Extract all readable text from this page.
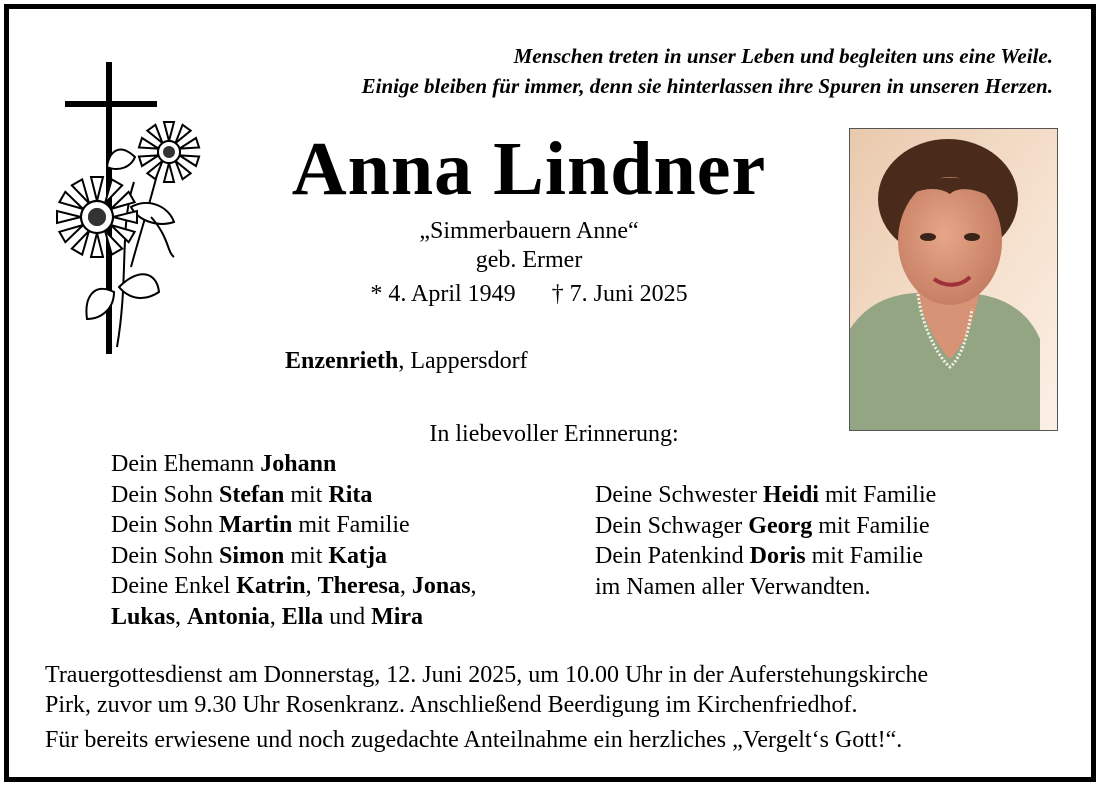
Menschen treten in unser Leben und begleiten uns eine Weile.
Einige bleiben für immer, denn sie hinterlassen ihre Spuren in unseren Herzen.
Anna Lindner
„Simmerbauern Anne“
geb. Ermer
* 4. April 1949 † 7. Juni 2025
Enzenrieth, Lappersdorf
In liebevoller Erinnerung:
Dein Ehemann Johann
Dein Sohn Stefan mit Rita
Dein Sohn Martin mit Familie
Dein Sohn Simon mit Katja
Deine Enkel Katrin, Theresa, Jonas,
Lukas, Antonia, Ella und Mira
Deine Schwester Heidi mit Familie
Dein Schwager Georg mit Familie
Dein Patenkind Doris mit Familie
im Namen aller Verwandten.
Trauergottesdienst am Donnerstag, 12. Juni 2025, um 10.00 Uhr in der Auferstehungskirche
Pirk, zuvor um 9.30 Uhr Rosenkranz. Anschließend Beerdigung im Kirchenfriedhof.
Für bereits erwiesene und noch zugedachte Anteilnahme ein herzliches „Vergelt‘s Gott!“.
